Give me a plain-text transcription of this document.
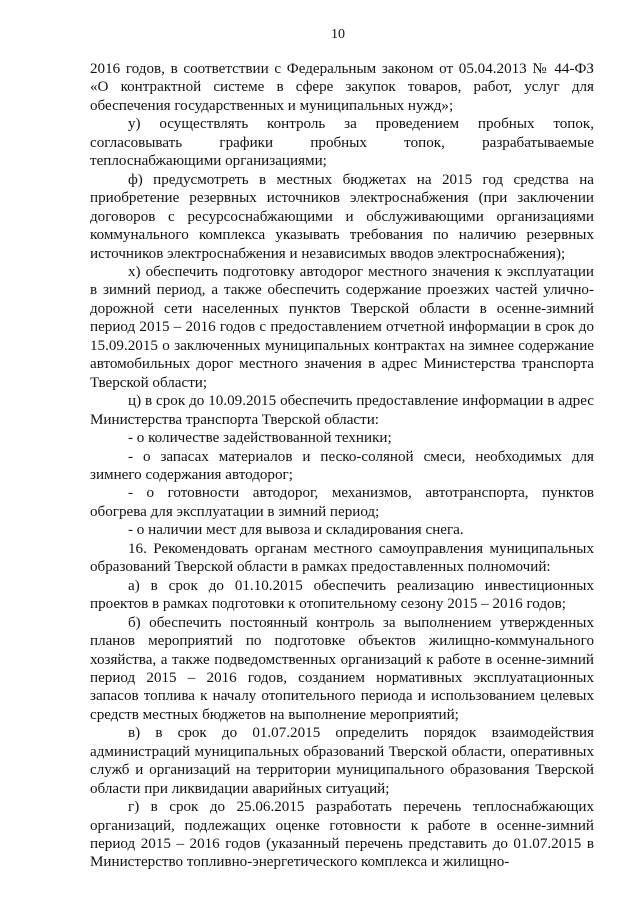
10

2016 годов, в соответствии с Федеральным законом от 05.04.2013 № 44-ФЗ «О контрактной системе в сфере закупок товаров, работ, услуг для обеспечения государственных и муниципальных нужд»;

у) осуществлять контроль за проведением пробных топок, согласовывать графики пробных топок, разрабатываемые теплоснабжающими организациями;

ф) предусмотреть в местных бюджетах на 2015 год средства на приобретение резервных источников электроснабжения (при заключении договоров с ресурсоснабжающими и обслуживающими организациями коммунального комплекса указывать требования по наличию резервных источников электроснабжения и независимых вводов электроснабжения);

х) обеспечить подготовку автодорог местного значения к эксплуатации в зимний период, а также обеспечить содержание проезжих частей улично-дорожной сети населенных пунктов Тверской области в осенне-зимний период 2015 – 2016 годов с предоставлением отчетной информации в срок до 15.09.2015 о заключенных муниципальных контрактах на зимнее содержание автомобильных дорог местного значения в адрес Министерства транспорта Тверской области;

ц) в срок до 10.09.2015 обеспечить предоставление информации в адрес Министерства транспорта Тверской области:

- о количестве задействованной техники;

- о запасах материалов и песко-соляной смеси, необходимых для зимнего содержания автодорог;

- о готовности автодорог, механизмов, автотранспорта, пунктов обогрева для эксплуатации в зимний период;

- о наличии мест для вывоза и складирования снега.

16. Рекомендовать органам местного самоуправления муниципальных образований Тверской области в рамках предоставленных полномочий:

а) в срок до 01.10.2015 обеспечить реализацию инвестиционных проектов в рамках подготовки к отопительному сезону 2015 – 2016 годов;

б) обеспечить постоянный контроль за выполнением утвержденных планов мероприятий по подготовке объектов жилищно-коммунального хозяйства, а также подведомственных организаций к работе в осенне-зимний период 2015 – 2016 годов, созданием нормативных эксплуатационных запасов топлива к началу отопительного периода и использованием целевых средств местных бюджетов на выполнение мероприятий;

в) в срок до 01.07.2015 определить порядок взаимодействия администраций муниципальных образований Тверской области, оперативных служб и организаций на территории муниципального образования Тверской области при ликвидации аварийных ситуаций;

г) в срок до 25.06.2015 разработать перечень теплоснабжающих организаций, подлежащих оценке готовности к работе в осенне-зимний период 2015 – 2016 годов (указанный перечень представить до 01.07.2015 в Министерство топливно-энергетического комплекса и жилищно-
